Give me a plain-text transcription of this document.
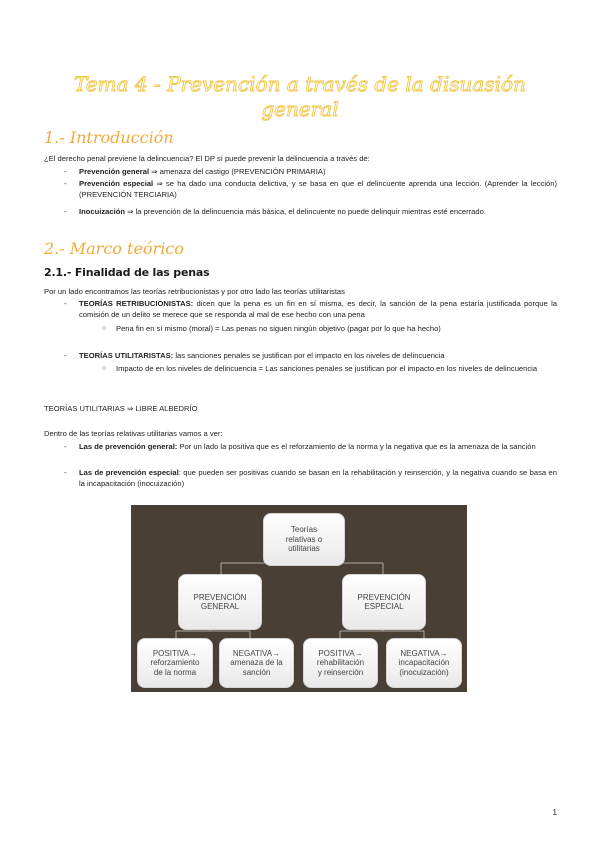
Tema 4 - Prevención a través de la disuasión general
1.- Introducción
¿El derecho penal previene la delincuencia? El DP sí puede prevenir la delincuencia a través de:
- Prevención general ⇒ amenaza del castigo (PREVENCIÓN PRIMARIA)
- Prevención especial ⇒ se ha dado una conducta delictiva, y se basa en que el delincuente aprenda una lección. (Aprender la lección) (PREVENCIÓN TERCIARIA)
- Inocuización ⇒ la prevención de la delincuencia más básica, el delincuente no puede delinquir mientras esté encerrado.
2.- Marco teórico
2.1.- Finalidad de las penas
Por un lado encontramos las teorías retribucionistas y por otro lado las teorías utilitaristas
- TEORÍAS RETRIBUCIONISTAS: dicen que la pena es un fin en sí misma, es decir, la sanción de la pena estaría justificada porque la comisión de un delito se merece que se responda al mal de ese hecho con una pena
○ Pena fin en sí mismo (moral) = Las penas no siguen ningún objetivo (pagar por lo que ha hecho)
- TEORÍAS UTILITARISTAS: las sanciones penales se justifican por el impacto en los niveles de delincuencia
○ Impacto de en los niveles de delincuencia = Las sanciones penales se justifican por el impacto en los niveles de delincuencia
TEORÍAS UTILITARIAS ⇒ LIBRE ALBEDRÍO
Dentro de las teorías relativas utilitarias vamos a ver:
- Las de prevención general: Por un lado la positiva que es el reforzamiento de la norma y la negativa que es la amenaza de la sanción
- Las de prevención especial: que pueden ser positivas cuando se basan en la rehabilitación y reinserción, y la negativa cuando se basa en la incapacitación (inocuización)
Teorías
relativas o
utilitarias
PREVENCIÓN
GENERAL
PREVENCIÓN
ESPECIAL
POSITIVA→
reforzamiento
de la norma
NEGATIVA→
amenaza de la
sanción
POSITIVA→
rehabilitación
y reinserción
NEGATIVA→
incapacitación
(inocuización)
1
